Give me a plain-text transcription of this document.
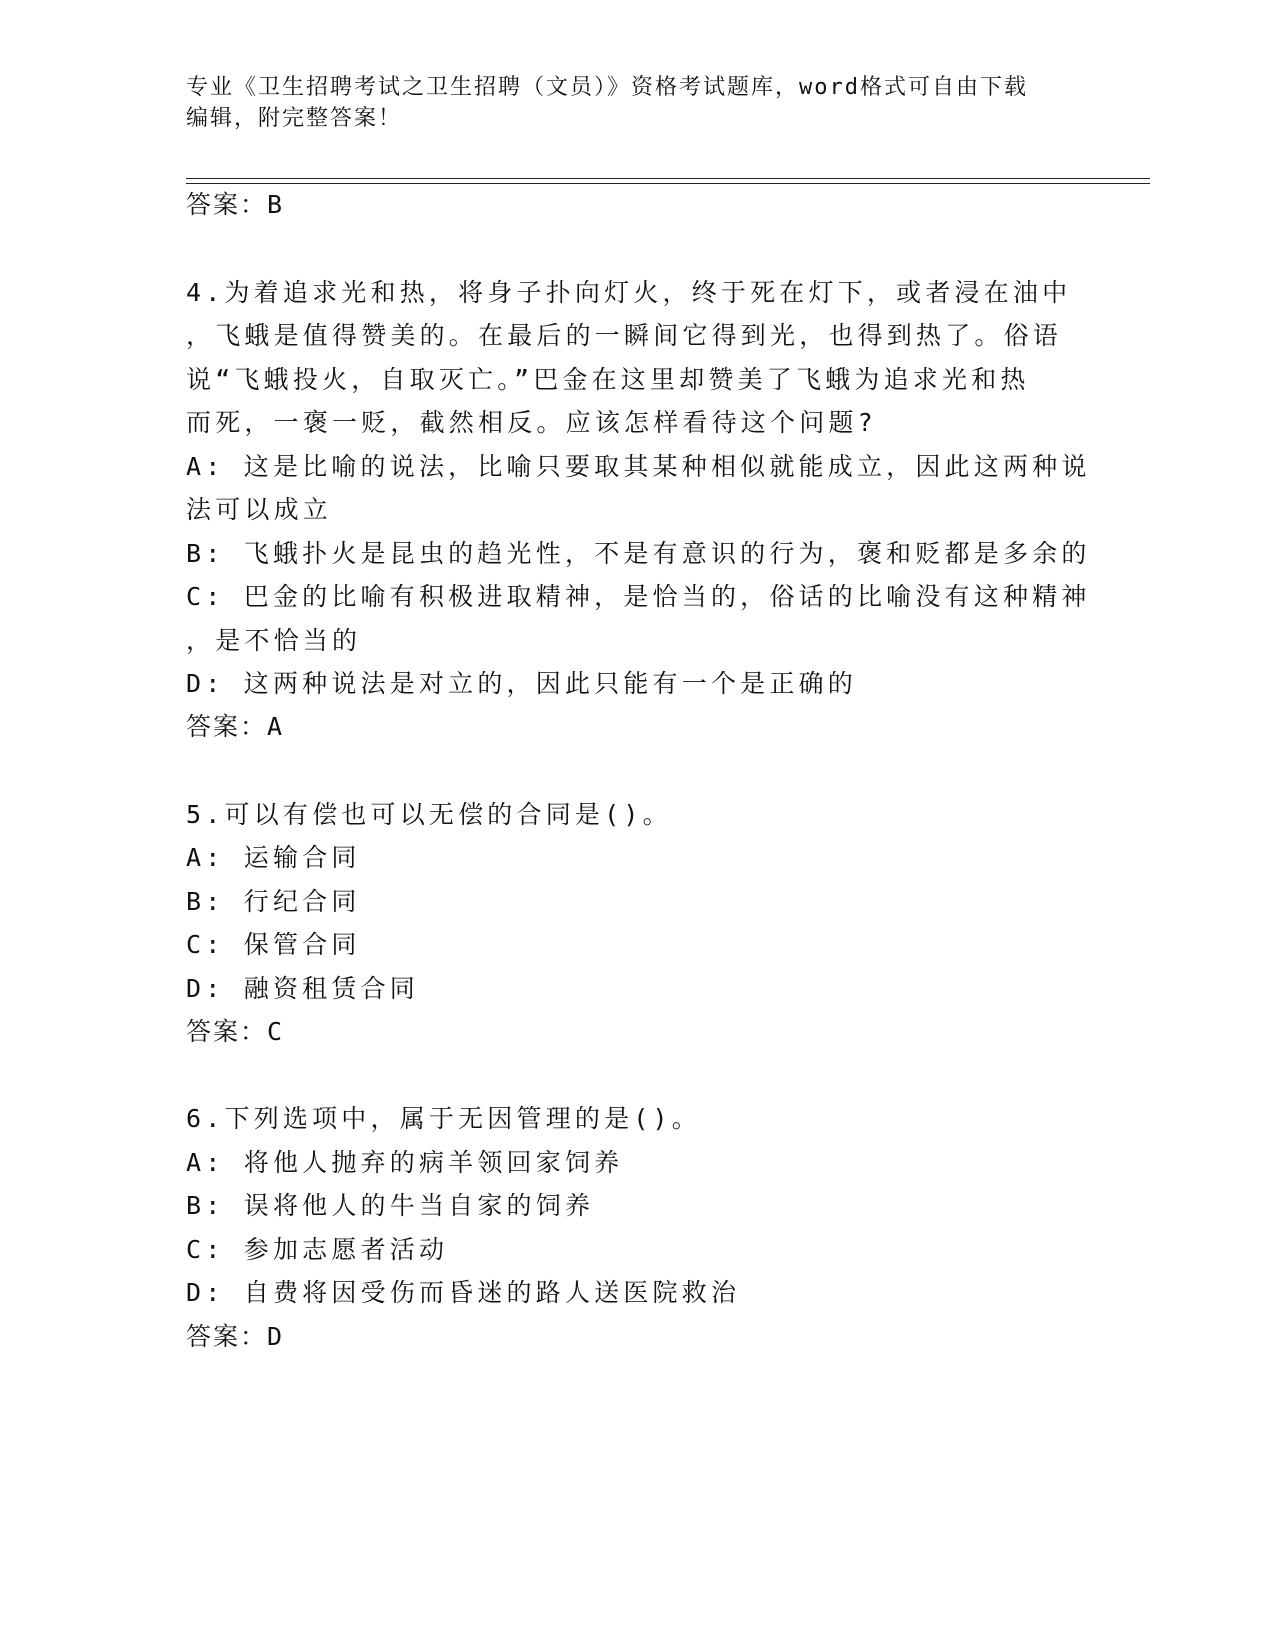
专业《卫生招聘考试之卫生招聘（文员）》资格考试题库，word格式可自由下载
编辑，附完整答案！
答案：B
4.为着追求光和热，将身子扑向灯火，终于死在灯下，或者浸在油中
，飞蛾是值得赞美的。在最后的一瞬间它得到光，也得到热了。俗语
说“飞蛾投火，自取灭亡。”巴金在这里却赞美了飞蛾为追求光和热
而死，一褒一贬，截然相反。应该怎样看待这个问题?
A: 这是比喻的说法，比喻只要取其某种相似就能成立，因此这两种说
法可以成立
B: 飞蛾扑火是昆虫的趋光性，不是有意识的行为，褒和贬都是多余的
C: 巴金的比喻有积极进取精神，是恰当的，俗话的比喻没有这种精神
，是不恰当的
D: 这两种说法是对立的，因此只能有一个是正确的
答案：A
5.可以有偿也可以无偿的合同是()。
A: 运输合同
B: 行纪合同
C: 保管合同
D: 融资租赁合同
答案：C
6.下列选项中，属于无因管理的是()。
A: 将他人抛弃的病羊领回家饲养
B: 误将他人的牛当自家的饲养
C: 参加志愿者活动
D: 自费将因受伤而昏迷的路人送医院救治
答案：D
